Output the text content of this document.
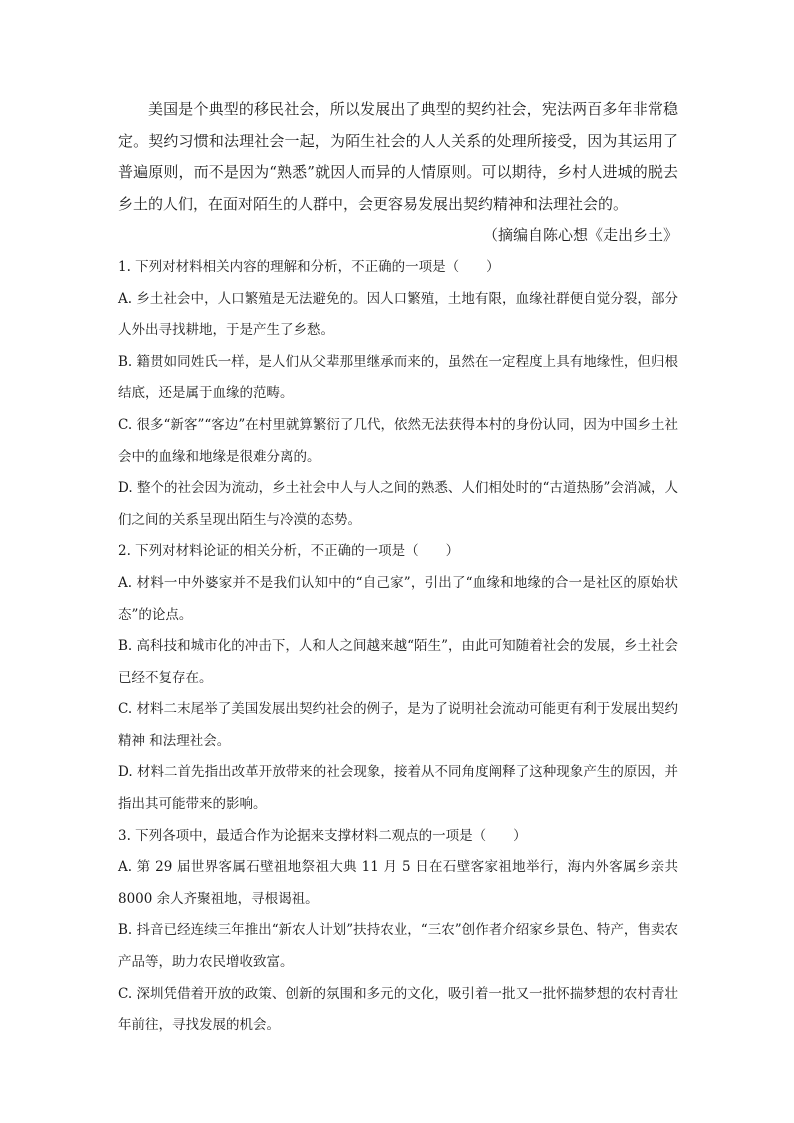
美国是个典型的移民社会，所以发展出了典型的契约社会，宪法两百多年非常稳定。契约习惯和法理社会一起，为陌生社会的人人关系的处理所接受，因为其运用了普遍原则，而不是因为“熟悉”就因人而异的人情原则。可以期待，乡村人进城的脱去乡土的人们，在面对陌生的人群中，会更容易发展出契约精神和法理社会的。

（摘编自陈心想《走出乡土》

1. 下列对材料相关内容的理解和分析，不正确的一项是（　　）

A. 乡土社会中，人口繁殖是无法避免的。因人口繁殖，土地有限，血缘社群便自觉分裂，部分人外出寻找耕地，于是产生了乡愁。

B. 籍贯如同姓氏一样，是人们从父辈那里继承而来的，虽然在一定程度上具有地缘性，但归根结底，还是属于血缘的范畴。

C. 很多“新客”“客边”在村里就算繁衍了几代，依然无法获得本村的身份认同，因为中国乡土社会中的血缘和地缘是很难分离的。

D. 整个的社会因为流动，乡土社会中人与人之间的熟悉、人们相处时的“古道热肠”会消减，人们之间的关系呈现出陌生与冷漠的态势。

2. 下列对材料论证的相关分析，不正确的一项是（　　）

A. 材料一中外婆家并不是我们认知中的“自己家”，引出了“血缘和地缘的合一是社区的原始状态”的论点。

B. 高科技和城市化的冲击下，人和人之间越来越“陌生”，由此可知随着社会的发展，乡土社会已经不复存在。

C. 材料二末尾举了美国发展出契约社会的例子，是为了说明社会流动可能更有利于发展出契约精神 和法理社会。

D. 材料二首先指出改革开放带来的社会现象，接着从不同角度阐释了这种现象产生的原因，并指出其可能带来的影响。

3. 下列各项中，最适合作为论据来支撑材料二观点的一项是（　　）

A. 第 29 届世界客属石壁祖地祭祖大典 11 月 5 日在石壁客家祖地举行，海内外客属乡亲共 8000 余人齐聚祖地，寻根谒祖。

B. 抖音已经连续三年推出“新农人计划”扶持农业，“三农”创作者介绍家乡景色、特产，售卖农产品等，助力农民增收致富。

C. 深圳凭借着开放的政策、创新的氛围和多元的文化，吸引着一批又一批怀揣梦想的农村青壮年前往，寻找发展的机会。
